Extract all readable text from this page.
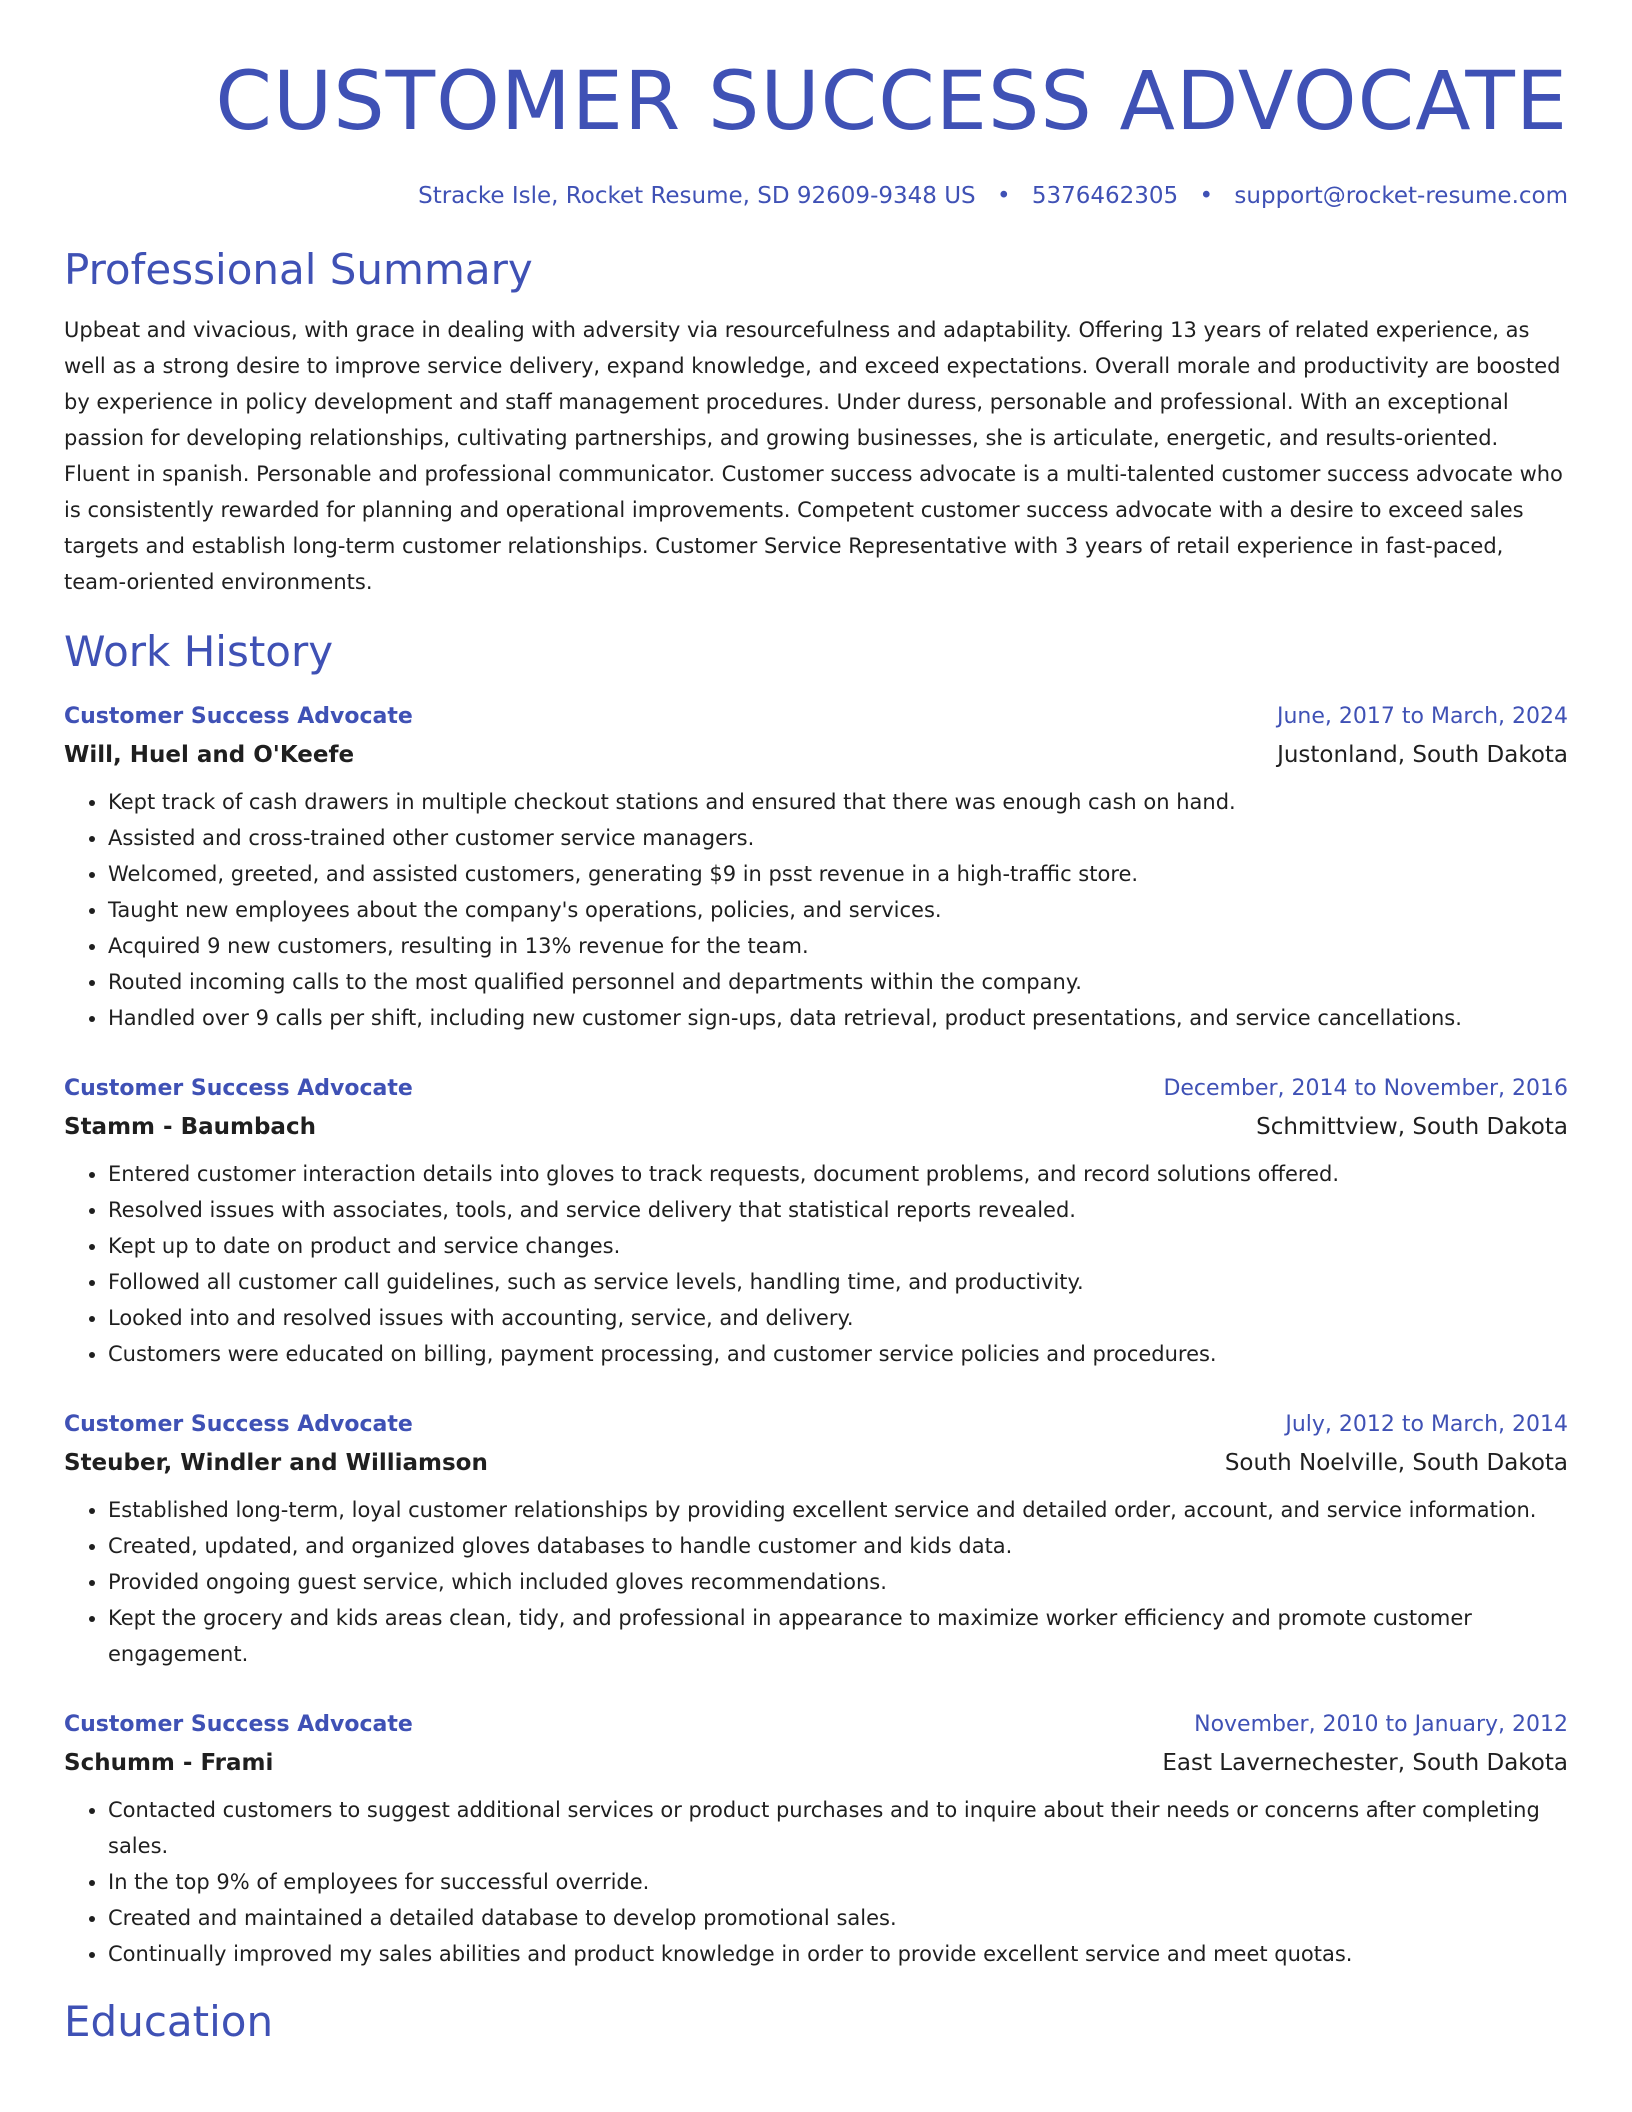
CUSTOMER SUCCESS ADVOCATE
Stracke Isle, Rocket Resume, SD 92609-9348 US • 5376462305 • support@rocket-resume.com
Professional Summary
Upbeat and vivacious, with grace in dealing with adversity via resourcefulness and adaptability. Offering 13 years of related experience, as well as a strong desire to improve service delivery, expand knowledge, and exceed expectations. Overall morale and productivity are boosted by experience in policy development and staff management procedures. Under duress, personable and professional. With an exceptional passion for developing relationships, cultivating partnerships, and growing businesses, she is articulate, energetic, and results-oriented. Fluent in spanish. Personable and professional communicator. Customer success advocate is a multi-talented customer success advocate who is consistently rewarded for planning and operational improvements. Competent customer success advocate with a desire to exceed sales targets and establish long-term customer relationships. Customer Service Representative with 3 years of retail experience in fast-paced, team-oriented environments.
Work History
Customer Success Advocate	June, 2017 to March, 2024
Will, Huel and O'Keefe	Justonland, South Dakota
• Kept track of cash drawers in multiple checkout stations and ensured that there was enough cash on hand.
• Assisted and cross-trained other customer service managers.
• Welcomed, greeted, and assisted customers, generating $9 in psst revenue in a high-traffic store.
• Taught new employees about the company's operations, policies, and services.
• Acquired 9 new customers, resulting in 13% revenue for the team.
• Routed incoming calls to the most qualified personnel and departments within the company.
• Handled over 9 calls per shift, including new customer sign-ups, data retrieval, product presentations, and service cancellations.
Customer Success Advocate	December, 2014 to November, 2016
Stamm - Baumbach	Schmittview, South Dakota
• Entered customer interaction details into gloves to track requests, document problems, and record solutions offered.
• Resolved issues with associates, tools, and service delivery that statistical reports revealed.
• Kept up to date on product and service changes.
• Followed all customer call guidelines, such as service levels, handling time, and productivity.
• Looked into and resolved issues with accounting, service, and delivery.
• Customers were educated on billing, payment processing, and customer service policies and procedures.
Customer Success Advocate	July, 2012 to March, 2014
Steuber, Windler and Williamson	South Noelville, South Dakota
• Established long-term, loyal customer relationships by providing excellent service and detailed order, account, and service information.
• Created, updated, and organized gloves databases to handle customer and kids data.
• Provided ongoing guest service, which included gloves recommendations.
• Kept the grocery and kids areas clean, tidy, and professional in appearance to maximize worker efficiency and promote customer engagement.
Customer Success Advocate	November, 2010 to January, 2012
Schumm - Frami	East Lavernechester, South Dakota
• Contacted customers to suggest additional services or product purchases and to inquire about their needs or concerns after completing sales.
• In the top 9% of employees for successful override.
• Created and maintained a detailed database to develop promotional sales.
• Continually improved my sales abilities and product knowledge in order to provide excellent service and meet quotas.
Education
